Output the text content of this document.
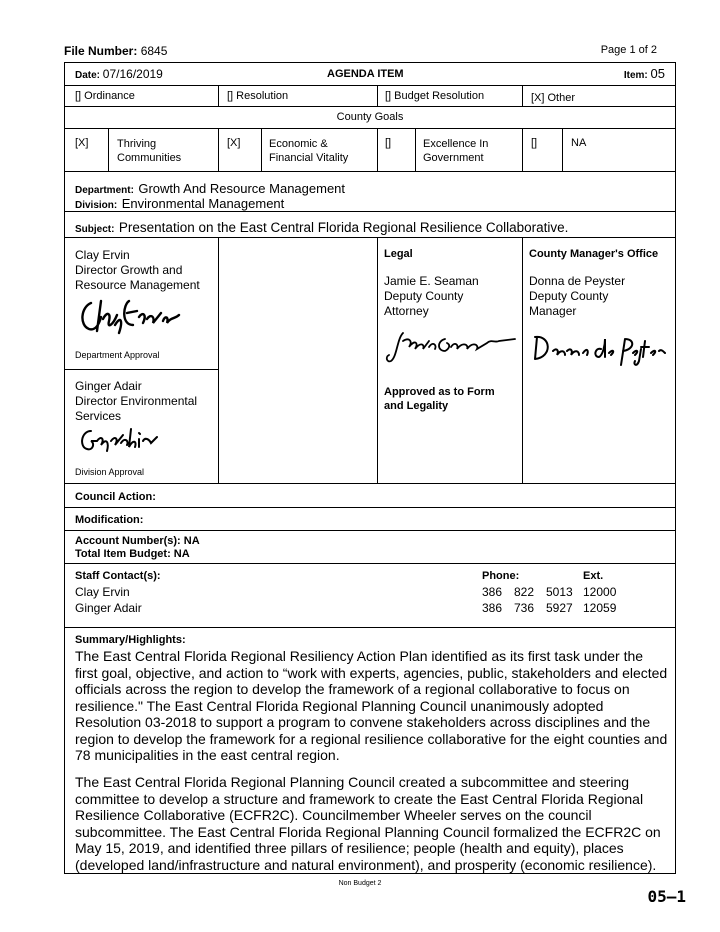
File Number: 6845	Page 1 of 2
Date: 07/16/2019	AGENDA ITEM	Item: 05
[] Ordinance	[] Resolution	[] Budget Resolution	[X] Other
County Goals
[X]	Thriving
Communities
[X]	Economic &
Financial Vitality
[]	Excellence In
Government
[]	NA
Department: Growth And Resource Management
Division: Environmental Management
Subject: Presentation on the East Central Florida Regional Resilience Collaborative.
Clay Ervin
Director Growth and
Resource Management
Department Approval
Ginger Adair
Director Environmental
Services
Division Approval
Legal
Jamie E. Seaman
Deputy County
Attorney
Approved as to Form
and Legality
County Manager's Office
Donna de Peyster
Deputy County
Manager
Council Action:
Modification:
Account Number(s): NA
Total Item Budget: NA
Staff Contact(s):	Phone:	Ext.
Clay Ervin	386 822 5013 12000
Ginger Adair	386 736 5927 12059
Summary/Highlights:
The East Central Florida Regional Resiliency Action Plan identified as its first task under the first goal, objective, and action to “work with experts, agencies, public, stakeholders and elected officials across the region to develop the framework of a regional collaborative to focus on resilience." The East Central Florida Regional Planning Council unanimously adopted Resolution 03-2018 to support a program to convene stakeholders across disciplines and the region to develop the framework for a regional resilience collaborative for the eight counties and 78 municipalities in the east central region.
The East Central Florida Regional Planning Council created a subcommittee and steering committee to develop a structure and framework to create the East Central Florida Regional Resilience Collaborative (ECFR2C). Councilmember Wheeler serves on the council subcommittee. The East Central Florida Regional Planning Council formalized the ECFR2C on May 15, 2019, and identified three pillars of resilience; people (health and equity), places (developed land/infrastructure and natural environment), and prosperity (economic resilience).
Non Budget 2
05–1
